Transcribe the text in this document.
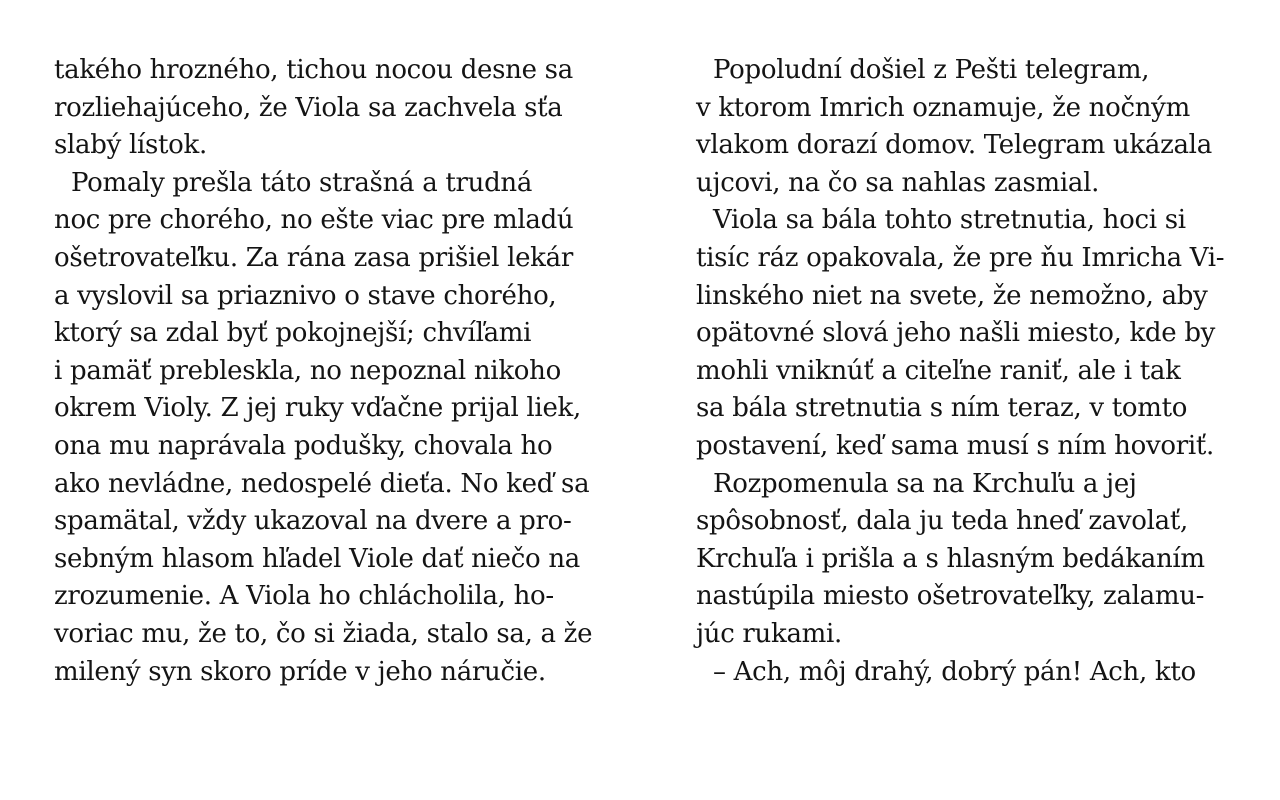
takého hrozného, tichou nocou desne sa
rozliehajúceho, že Viola sa zachvela sťa
slabý lístok.
Pomaly prešla táto strašná a trudná
noc pre chorého, no ešte viac pre mladú
ošetrovateľku. Za rána zasa prišiel lekár
a vyslovil sa priaznivo o stave chorého,
ktorý sa zdal byť pokojnejší; chvíľami
i pamäť prebleskla, no nepoznal nikoho
okrem Violy. Z jej ruky vďačne prijal liek,
ona mu naprávala podušky, chovala ho
ako nevládne, nedospelé dieťa. No keď sa
spamätal, vždy ukazoval na dvere a pro-
sebným hlasom hľadel Viole dať niečo na
zrozumenie. A Viola ho chlácholila, ho-
voriac mu, že to, čo si žiada, stalo sa, a že
milený syn skoro príde v jeho náručie.
Popoludní došiel z Pešti telegram,
v ktorom Imrich oznamuje, že nočným
vlakom dorazí domov. Telegram ukázala
ujcovi, na čo sa nahlas zasmial.
Viola sa bála tohto stretnutia, hoci si
tisíc ráz opakovala, že pre ňu Imricha Vi-
linského niet na svete, že nemožno, aby
opätovné slová jeho našli miesto, kde by
mohli vniknúť a citeľne raniť, ale i tak
sa bála stretnutia s ním teraz, v tomto
postavení, keď sama musí s ním hovoriť.
Rozpomenula sa na Krchuľu a jej
spôsobnosť, dala ju teda hneď zavolať,
Krchuľa i prišla a s hlasným bedákaním
nastúpila miesto ošetrovateľky, zalamu-
júc rukami.
– Ach, môj drahý, dobrý pán! Ach, kto
